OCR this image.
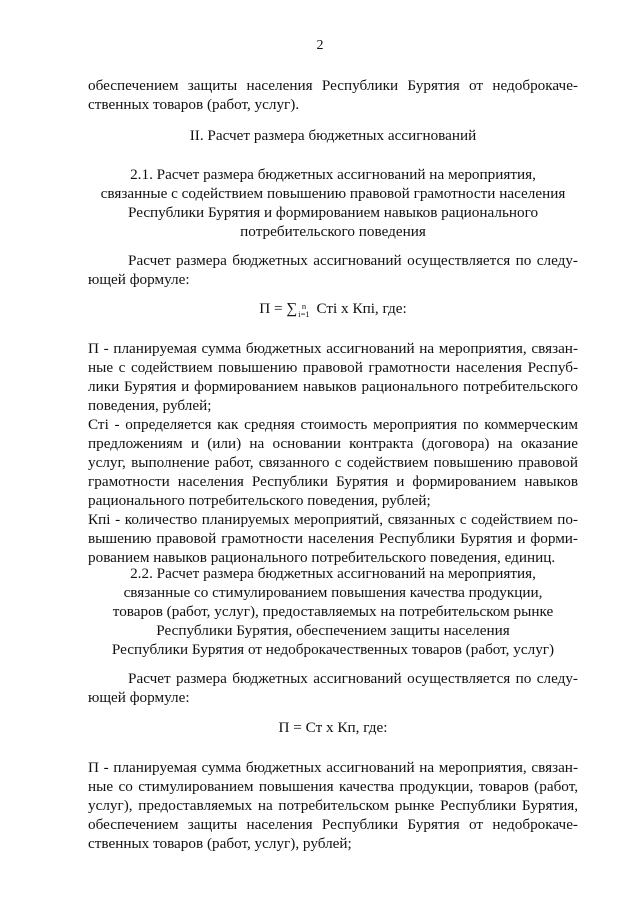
2
обеспечением защиты населения Республики Бурятия от недоброкаче-
ственных товаров (работ, услуг).
II. Расчет размера бюджетных ассигнований
2.1. Расчет размера бюджетных ассигнований на мероприятия,
связанные с содействием повышению правовой грамотности населения
Республики Бурятия и формированием навыков рационального
потребительского поведения
Расчет размера бюджетных ассигнований осуществляется по следу-
ющей формуле:
П = ∑ n
i=1 Стi x Кпi, где:
П - планируемая сумма бюджетных ассигнований на мероприятия, связан-
ные с содействием повышению правовой грамотности населения Респуб-
лики Бурятия и формированием навыков рационального потребительского
поведения, рублей;
Стi - определяется как средняя стоимость мероприятия по коммерческим
предложениям и (или) на основании контракта (договора) на оказание
услуг, выполнение работ, связанного с содействием повышению правовой
грамотности населения Республики Бурятия и формированием навыков
рационального потребительского поведения, рублей;
Кпi - количество планируемых мероприятий, связанных с содействием по-
вышению правовой грамотности населения Республики Бурятия и форми-
рованием навыков рационального потребительского поведения, единиц.
2.2. Расчет размера бюджетных ассигнований на мероприятия,
связанные со стимулированием повышения качества продукции,
товаров (работ, услуг), предоставляемых на потребительском рынке
Республики Бурятия, обеспечением защиты населения
Республики Бурятия от недоброкачественных товаров (работ, услуг)
Расчет размера бюджетных ассигнований осуществляется по следу-
ющей формуле:
П = Ст x Кп, где:
П - планируемая сумма бюджетных ассигнований на мероприятия, связан-
ные со стимулированием повышения качества продукции, товаров (работ,
услуг), предоставляемых на потребительском рынке Республики Бурятия,
обеспечением защиты населения Республики Бурятия от недоброкаче-
ственных товаров (работ, услуг), рублей;
